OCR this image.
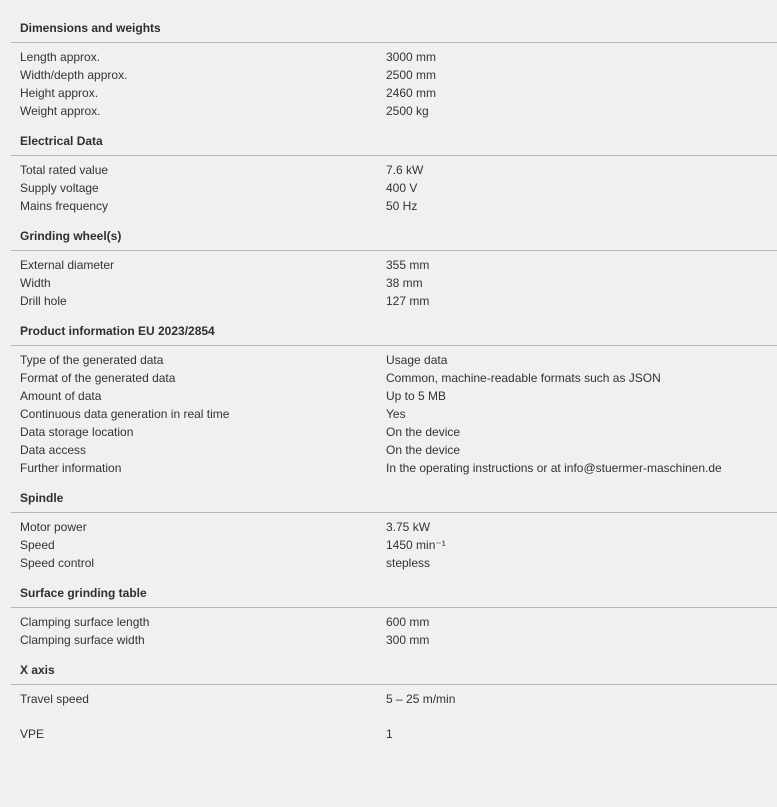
Dimensions and weights
Length approx.	3000 mm
Width/depth approx.	2500 mm
Height approx.	2460 mm
Weight approx.	2500 kg
Electrical Data
Total rated value	7.6 kW
Supply voltage	400 V
Mains frequency	50 Hz
Grinding wheel(s)
External diameter	355 mm
Width	38 mm
Drill hole	127 mm
Product information EU 2023/2854
Type of the generated data	Usage data
Format of the generated data	Common, machine-readable formats such as JSON
Amount of data	Up to 5 MB
Continuous data generation in real time	Yes
Data storage location	On the device
Data access	On the device
Further information	In the operating instructions or at info@stuermer-maschinen.de
Spindle
Motor power	3.75 kW
Speed	1450 min⁻¹
Speed control	stepless
Surface grinding table
Clamping surface length	600 mm
Clamping surface width	300 mm
X axis
Travel speed	5 – 25 m/min
VPE	1
